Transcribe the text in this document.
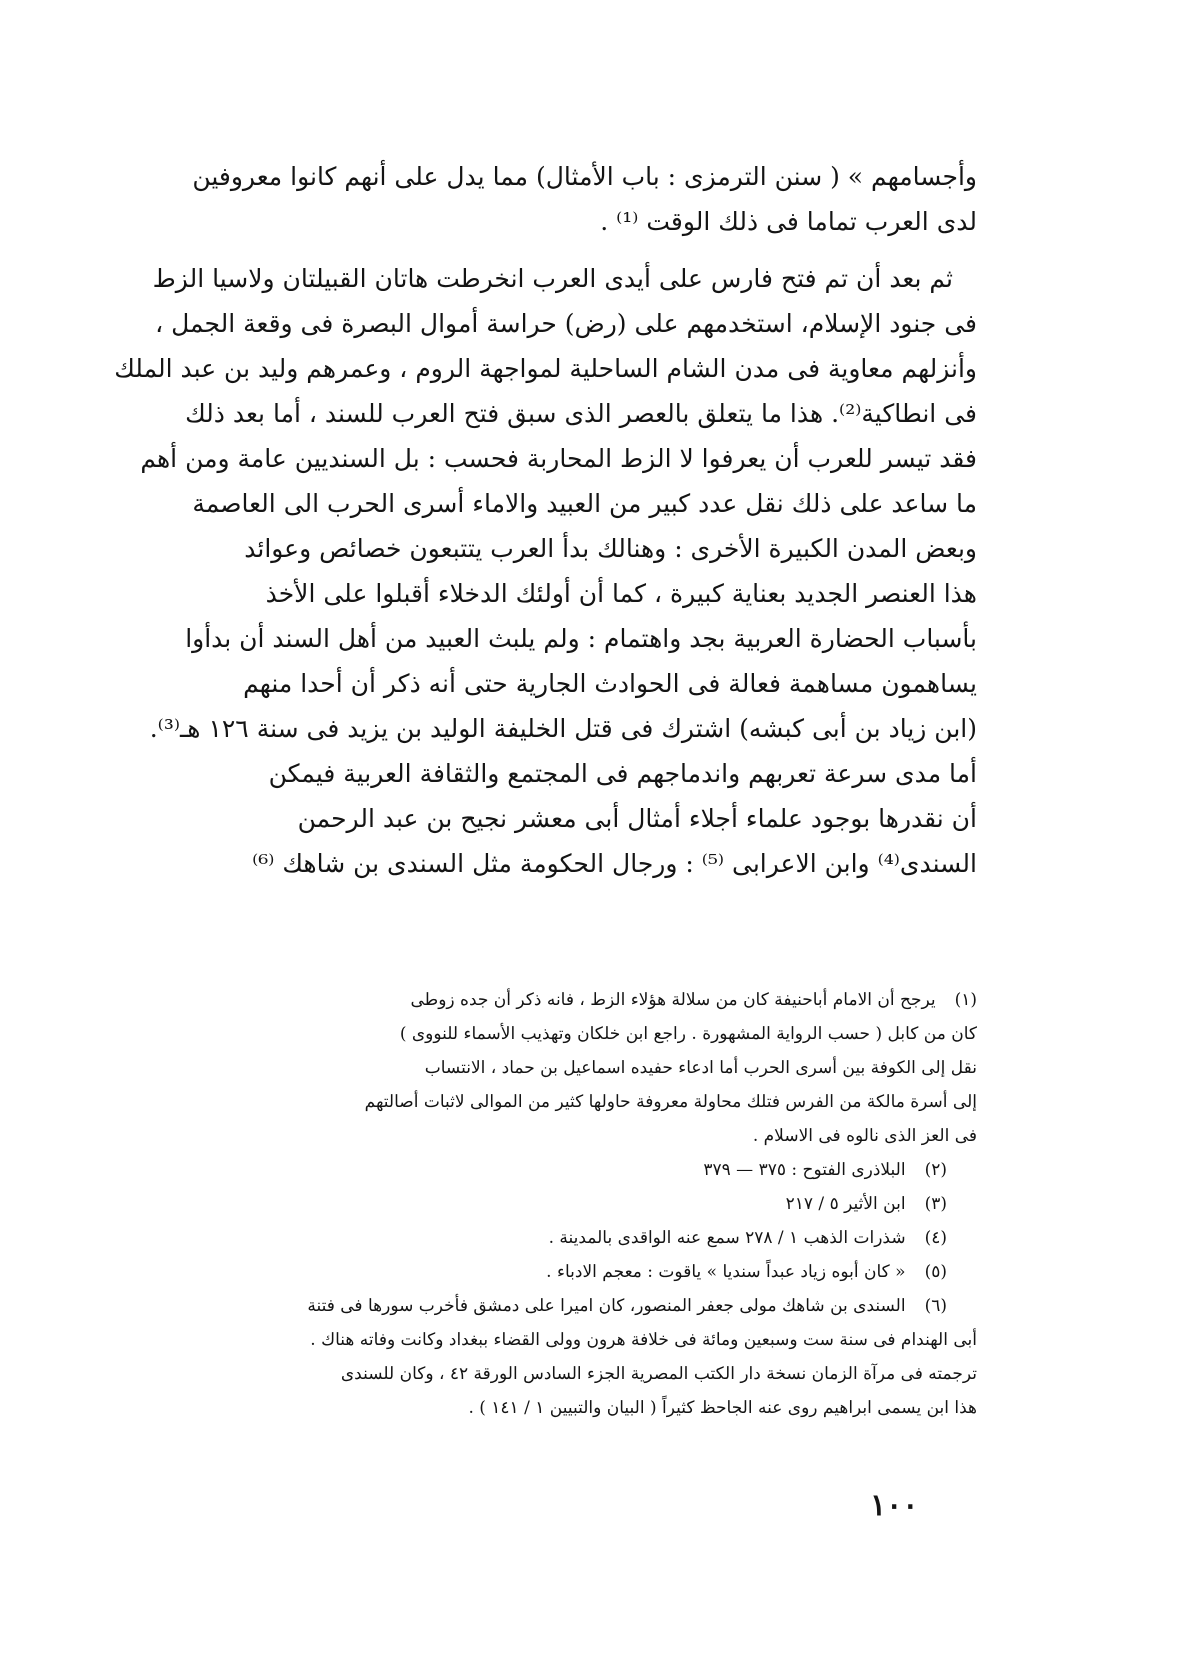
وأجسامهم » ( سنن الترمزى : باب الأمثال) مما يدل على أنهم كانوا معروفين
لدى العرب تماما فى ذلك الوقت ⁽¹⁾ .
ثم بعد أن تم فتح فارس على أيدى العرب انخرطت هاتان القبيلتان ولاسيا الزط
فى جنود الإسلام، استخدمهم على (رض) حراسة أموال البصرة فى وقعة الجمل ،
وأنزلهم معاوية فى مدن الشام الساحلية لمواجهة الروم ، وعمرهم وليد بن عبد الملك
فى انطاكية⁽²⁾. هذا ما يتعلق بالعصر الذى سبق فتح العرب للسند ، أما بعد ذلك
فقد تيسر للعرب أن يعرفوا لا الزط المحاربة فحسب : بل السنديين عامة ومن أهم
ما ساعد على ذلك نقل عدد كبير من العبيد والاماء أسرى الحرب الى العاصمة
وبعض المدن الكبيرة الأخرى : وهنالك بدأ العرب يتتبعون خصائص وعوائد
هذا العنصر الجديد بعناية كبيرة ، كما أن أولئك الدخلاء أقبلوا على الأخذ
بأسباب الحضارة العربية بجد واهتمام : ولم يلبث العبيد من أهل السند أن بدأوا
يساهمون مساهمة فعالة فى الحوادث الجارية حتى أنه ذكر أن أحدا منهم
(ابن زياد بن أبى كبشه) اشترك فى قتل الخليفة الوليد بن يزيد فى سنة ١٢٦ هـ⁽³⁾.
أما مدى سرعة تعربهم واندماجهم فى المجتمع والثقافة العربية فيمكن
أن نقدرها بوجود علماء أجلاء أمثال أبى معشر نجيح بن عبد الرحمن
السندى⁽⁴⁾ وابن الاعرابى ⁽⁵⁾ : ورجال الحكومة مثل السندى بن شاهك ⁽⁶⁾
(١) يرجح أن الامام أباحنيفة كان من سلالة هؤلاء الزط ، فانه ذكر أن جده زوطى
كان من كابل ( حسب الرواية المشهورة . راجع ابن خلكان وتهذيب الأسماء للنووى )
نقل إلى الكوفة بين أسرى الحرب أما ادعاء حفيده اسماعيل بن حماد ، الانتساب
إلى أسرة مالكة من الفرس فتلك محاولة معروفة حاولها كثير من الموالى لاثبات أصالتهم
فى العز الذى نالوه فى الاسلام .
(٢) البلاذرى الفتوح : ٣٧٥ — ٣٧٩
(٣) ابن الأثير ٥ / ٢١٧
(٤) شذرات الذهب ١ / ٢٧٨ سمع عنه الواقدى بالمدينة .
(٥) « كان أبوه زياد عبداً سنديا » ياقوت : معجم الادباء .
(٦) السندى بن شاهك مولى جعفر المنصور، كان اميرا على دمشق فأخرب سورها فى فتنة
أبى الهندام فى سنة ست وسبعين ومائة فى خلافة هرون وولى القضاء ببغداد وكانت وفاته هناك .
ترجمته فى مرآة الزمان نسخة دار الكتب المصرية الجزء السادس الورقة ٤٢ ، وكان للسندى
هذا ابن يسمى ابراهيم روى عنه الجاحظ كثيراً ( البيان والتبيين ١ / ١٤١ ) .
١٠٠
